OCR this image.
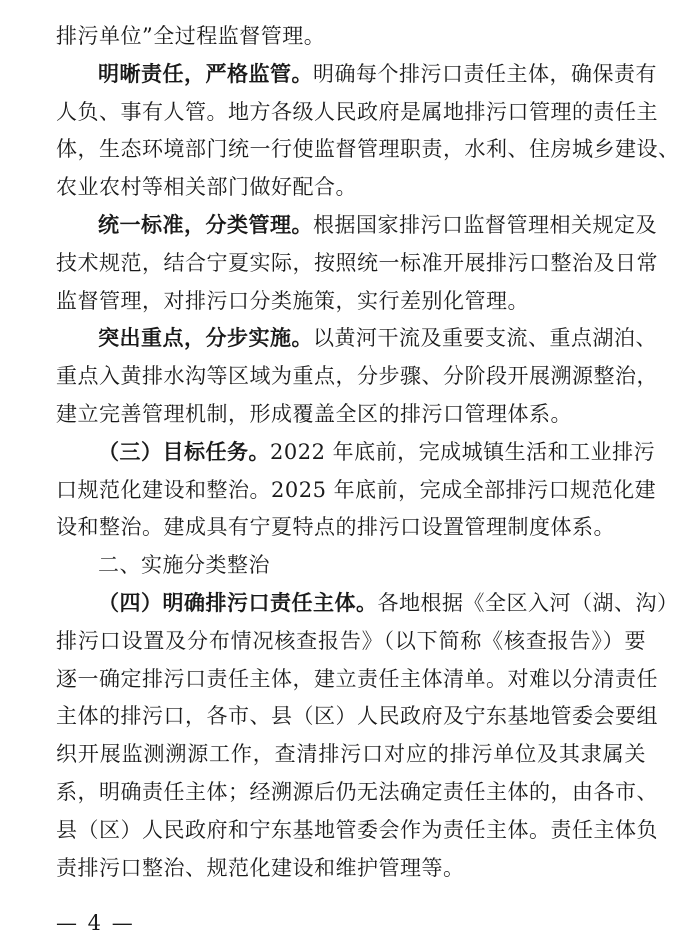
排污单位”全过程监督管理。
明晰责任，严格监管。明确每个排污口责任主体，确保责有
人负、事有人管。地方各级人民政府是属地排污口管理的责任主
体，生态环境部门统一行使监督管理职责，水利、住房城乡建设、
农业农村等相关部门做好配合。
统一标准，分类管理。根据国家排污口监督管理相关规定及
技术规范，结合宁夏实际，按照统一标准开展排污口整治及日常
监督管理，对排污口分类施策，实行差别化管理。
突出重点，分步实施。以黄河干流及重要支流、重点湖泊、
重点入黄排水沟等区域为重点，分步骤、分阶段开展溯源整治，
建立完善管理机制，形成覆盖全区的排污口管理体系。
（三）目标任务。2022 年底前，完成城镇生活和工业排污
口规范化建设和整治。2025 年底前，完成全部排污口规范化建
设和整治。建成具有宁夏特点的排污口设置管理制度体系。
二、实施分类整治
（四）明确排污口责任主体。各地根据《全区入河（湖、沟）
排污口设置及分布情况核查报告》（以下简称《核查报告》）要
逐一确定排污口责任主体，建立责任主体清单。对难以分清责任
主体的排污口，各市、县（区）人民政府及宁东基地管委会要组
织开展监测溯源工作，查清排污口对应的排污单位及其隶属关
系，明确责任主体；经溯源后仍无法确定责任主体的，由各市、
县（区）人民政府和宁东基地管委会作为责任主体。责任主体负
责排污口整治、规范化建设和维护管理等。
— 4 —
